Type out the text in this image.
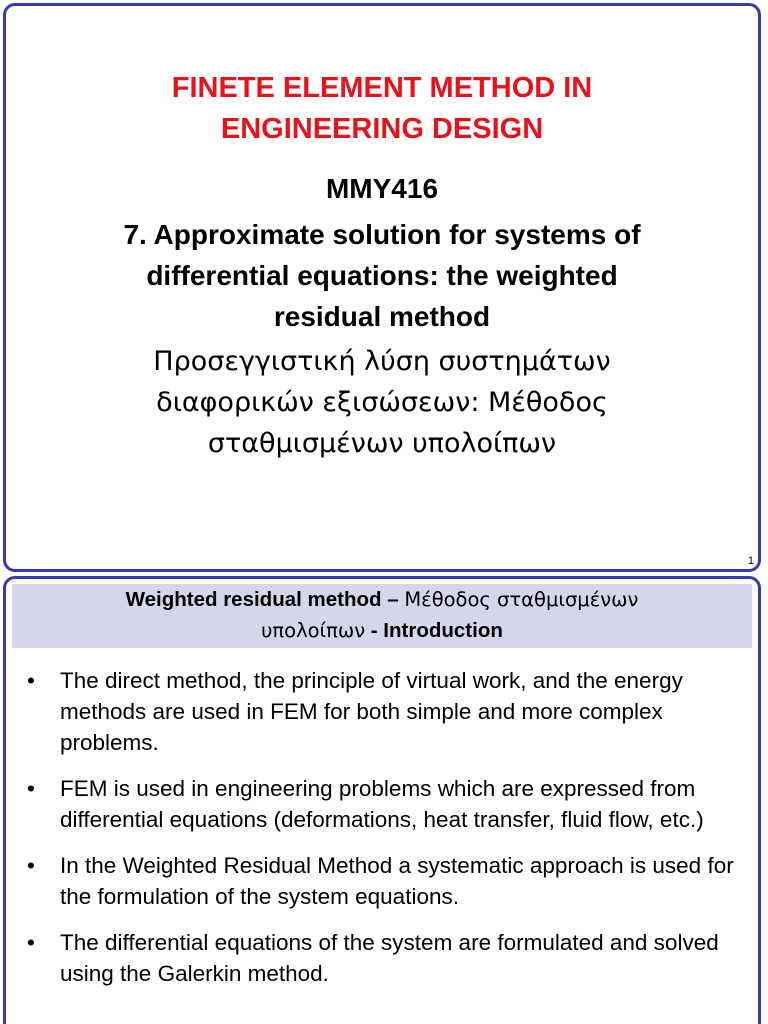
FINETE ELEMENT METHOD IN
ENGINEERING DESIGN
MMY416
7. Approximate solution for systems of
differential equations: the weighted
residual method
Προσεγγιστική λύση συστημάτων
διαφορικών εξισώσεων: Μέθοδος
σταθμισμένων υπολοίπων
1
Weighted residual method – Μέθοδος σταθμισμένων
υπολοίπων - Introduction
• The direct method, the principle of virtual work, and the energy methods are used in FEM for both simple and more complex problems.
• FEM is used in engineering problems which are expressed from differential equations (deformations, heat transfer, fluid flow, etc.)
• In the Weighted Residual Method a systematic approach is used for the formulation of the system equations.
• The differential equations of the system are formulated and solved using the Galerkin method.
